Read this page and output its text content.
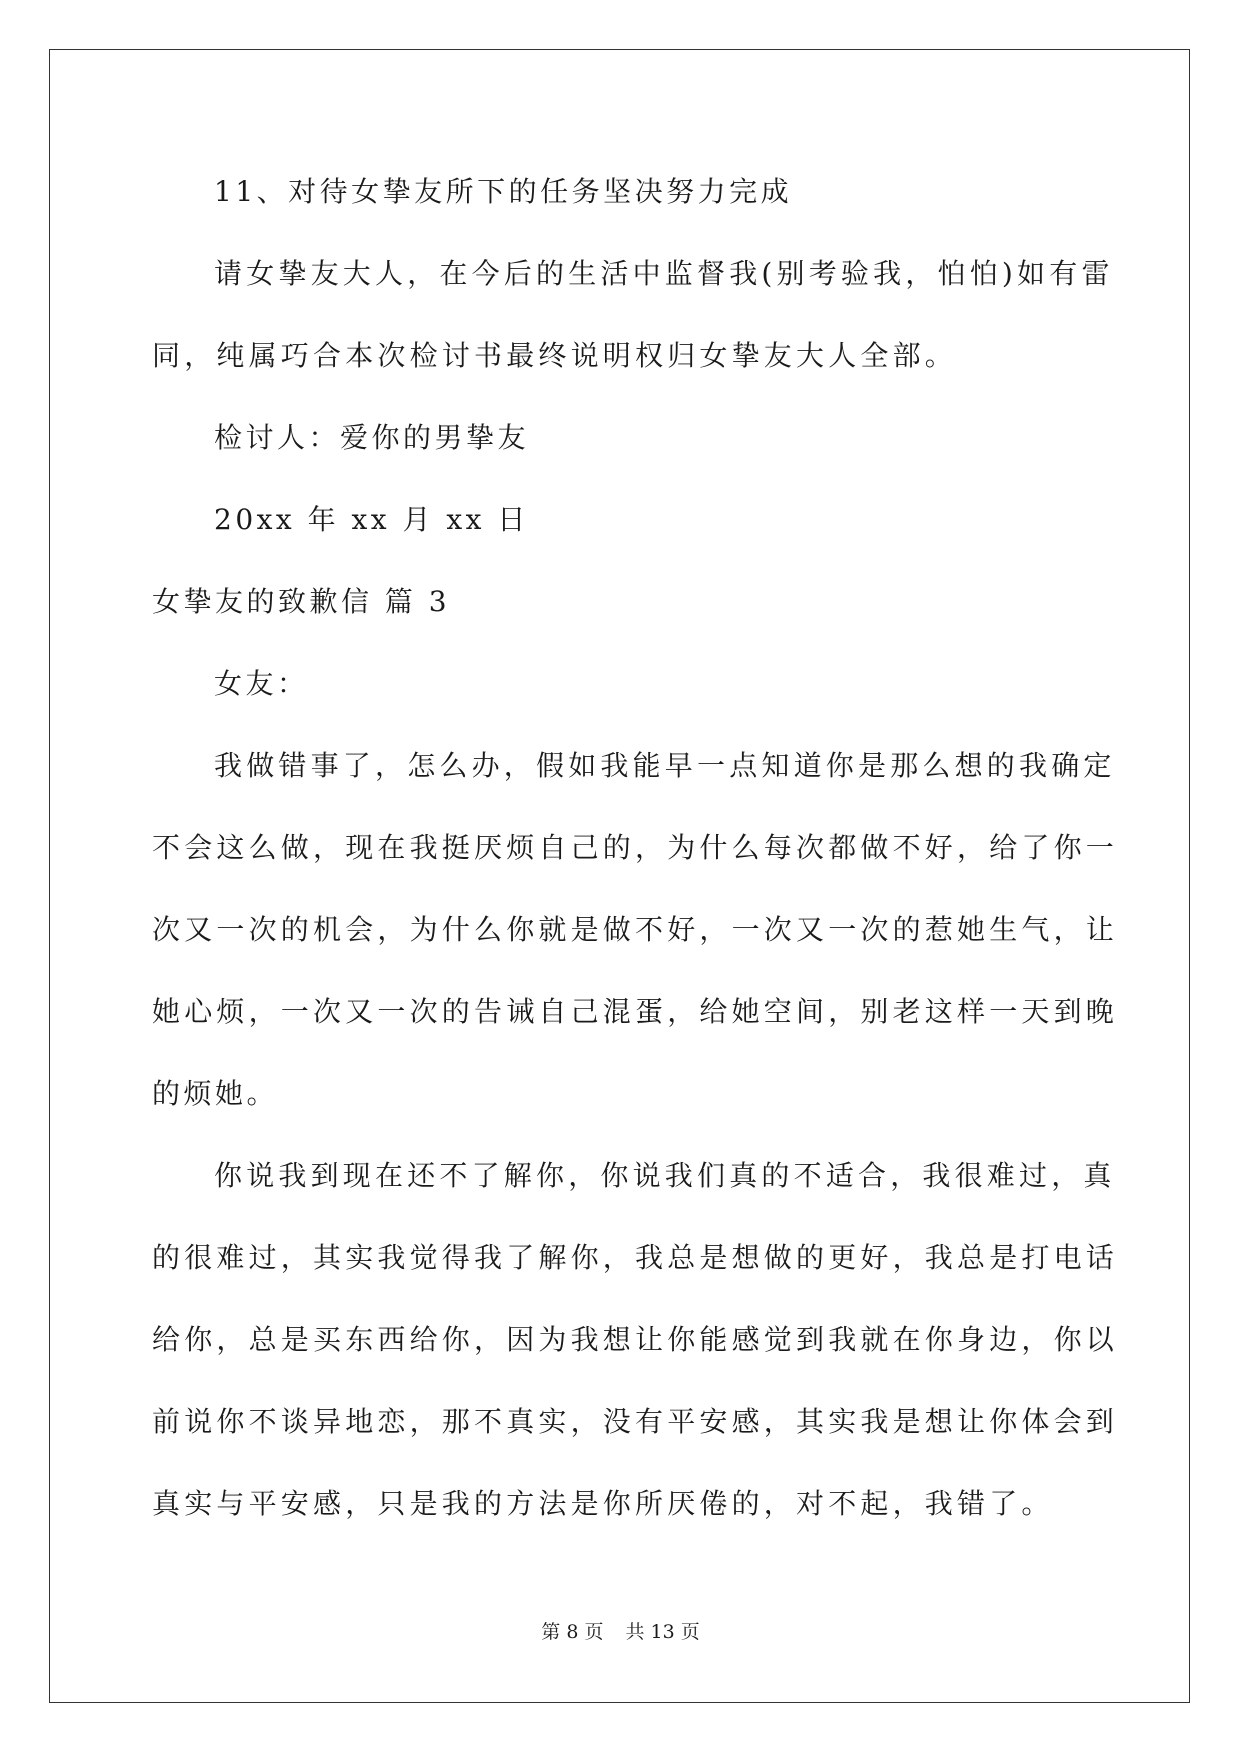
11、对待女挚友所下的任务坚决努力完成

请女挚友大人，在今后的生活中监督我(别考验我，怕怕)如有雷

同，纯属巧合本次检讨书最终说明权归女挚友大人全部。

检讨人：爱你的男挚友

20xx 年 xx 月 xx 日

女挚友的致歉信 篇 3

女友：

我做错事了，怎么办，假如我能早一点知道你是那么想的我确定

不会这么做，现在我挺厌烦自己的，为什么每次都做不好，给了你一

次又一次的机会，为什么你就是做不好，一次又一次的惹她生气，让

她心烦，一次又一次的告诫自己混蛋，给她空间，别老这样一天到晚

的烦她。

你说我到现在还不了解你，你说我们真的不适合，我很难过，真

的很难过，其实我觉得我了解你，我总是想做的更好，我总是打电话

给你，总是买东西给你，因为我想让你能感觉到我就在你身边，你以

前说你不谈异地恋，那不真实，没有平安感，其实我是想让你体会到

真实与平安感，只是我的方法是你所厌倦的，对不起，我错了。

第 8 页 共 13 页
